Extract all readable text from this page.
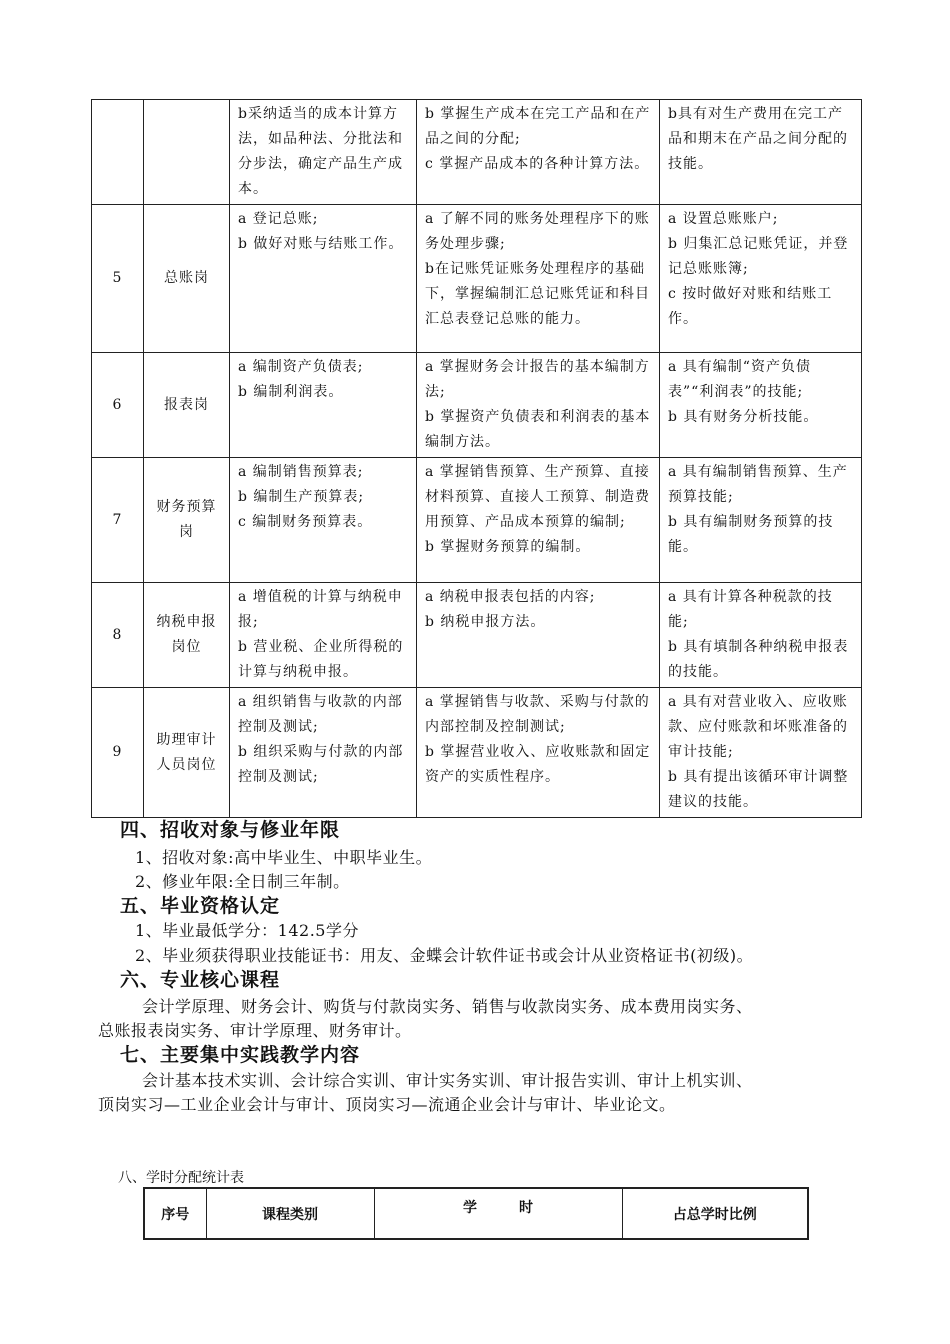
		b采纳适当的成本计算方法，如品种法、分批法和分步法，确定产品生产成本。	b 掌握生产成本在完工产品和在产品之间的分配;
c 掌握产品成本的各种计算方法。	b具有对生产费用在完工产品和期末在产品之间分配的技能。

5	总账岗	a 登记总账;
b 做好对账与结账工作。	a 了解不同的账务处理程序下的账务处理步骤;
b在记账凭证账务处理程序的基础下，掌握编制汇总记账凭证和科目汇总表登记总账的能力。	a 设置总账账户;
b 归集汇总记账凭证，并登记总账账簿;
c 按时做好对账和结账工作。

6	报表岗	a 编制资产负债表;
b 编制利润表。	a 掌握财务会计报告的基本编制方法;
b 掌握资产负债表和利润表的基本编制方法。	a 具有编制“资产负债表”“利润表”的技能;
b 具有财务分析技能。

7	财务预算岗	a 编制销售预算表;
b 编制生产预算表;
c 编制财务预算表。	a 掌握销售预算、生产预算、直接材料预算、直接人工预算、制造费用预算、产品成本预算的编制;
b 掌握财务预算的编制。	a 具有编制销售预算、生产预算技能;
b 具有编制财务预算的技能。

8	纳税申报岗位	a 增值税的计算与纳税申报;
b 营业税、企业所得税的计算与纳税申报。	a 纳税申报表包括的内容;
b 纳税申报方法。	a 具有计算各种税款的技能;
b 具有填制各种纳税申报表的技能。

9	助理审计人员岗位	a 组织销售与收款的内部控制及测试;
b 组织采购与付款的内部控制及测试;	a 掌握销售与收款、采购与付款的内部控制及控制测试;
b 掌握营业收入、应收账款和固定资产的实质性程序。	a 具有对营业收入、应收账款、应付账款和坏账准备的审计技能;
b 具有提出该循环审计调整建议的技能。
四、招收对象与修业年限
1、招收对象:高中毕业生、中职毕业生。
2、修业年限:全日制三年制。
五、毕业资格认定
1、毕业最低学分：142.5学分
2、毕业须获得职业技能证书：用友、金蝶会计软件证书或会计从业资格证书(初级)。
六、专业核心课程
会计学原理、财务会计、购货与付款岗实务、销售与收款岗实务、成本费用岗实务、
总账报表岗实务、审计学原理、财务审计。
七、主要集中实践教学内容
会计基本技术实训、会计综合实训、审计实务实训、审计报告实训、审计上机实训、
顶岗实习—工业企业会计与审计、顶岗实习—流通企业会计与审计、毕业论文。
八、学时分配统计表
序号	课程类别	学　　　时	占总学时比例
